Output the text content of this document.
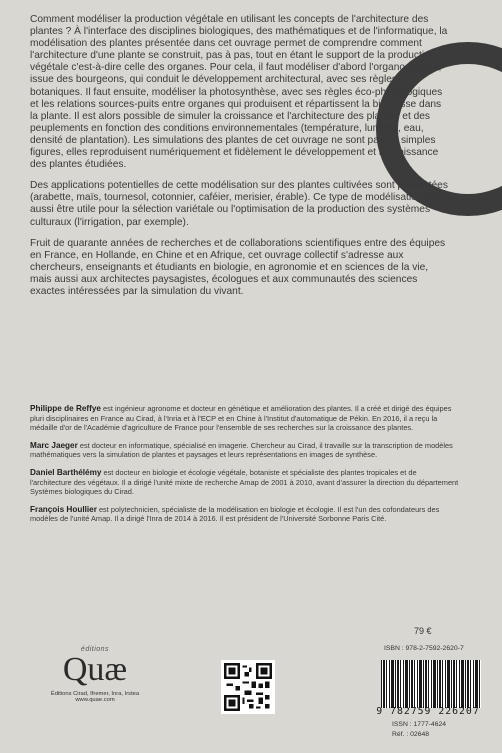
Comment modéliser la production végétale en utilisant les concepts de l'architecture des plantes ? À l'interface des disciplines biologiques, des mathématiques et de l'informatique, la modélisation des plantes présentée dans cet ouvrage permet de comprendre comment l'architecture d'une plante se construit, pas à pas, tout en étant le support de la production végétale c'est-à-dire celle des organes. Pour cela, il faut modéliser d'abord l'organogénèse, issue des bourgeons, qui conduit le développement architectural, avec ses règles botaniques. Il faut ensuite, modéliser la photosynthèse, avec ses règles éco-physiologiques et les relations sources-puits entre organes qui produisent et répartissent la biomasse dans la plante. Il est alors possible de simuler la croissance et l'architecture des plantes et des peuplements en fonction des conditions environnementales (température, lumière, eau, densité de plantation). Les simulations des plantes de cet ouvrage ne sont pas de simples figures, elles reproduisent numériquement et fidèlement le développement et la croissance des plantes étudiées.

Des applications potentielles de cette modélisation sur des plantes cultivées sont présentées (arabette, maïs, tournesol, cotonnier, caféier, merisier, érable). Ce type de modélisation peut aussi être utile pour la sélection variétale ou l'optimisation de la production des systèmes culturaux (l'irrigation, par exemple).

Fruit de quarante années de recherches et de collaborations scientifiques entre des équipes en France, en Hollande, en Chine et en Afrique, cet ouvrage collectif s'adresse aux chercheurs, enseignants et étudiants en biologie, en agronomie et en sciences de la vie, mais aussi aux architectes paysagistes, écologues et aux communautés des sciences exactes intéressées par la simulation du vivant.

Philippe de Reffye est ingénieur agronome et docteur en génétique et amélioration des plantes. Il a créé et dirigé des équipes pluri disciplinaires en France au Cirad, à l'Inria et à l'ECP et en Chine à l'Institut d'automatique de Pékin. En 2016, il a reçu la médaille d'or de l'Académie d'agriculture de France pour l'ensemble de ses recherches sur la croissance des plantes.

Marc Jaeger est docteur en informatique, spécialisé en imagerie. Chercheur au Cirad, il travaille sur la transcription de modèles mathématiques vers la simulation de plantes et paysages et leurs représentations en images de synthèse.

Daniel Barthélémy est docteur en biologie et écologie végétale, botaniste et spécialiste des plantes tropicales et de l'architecture des végétaux. Il a dirigé l'unité mixte de recherche Amap de 2001 à 2010, avant d'assurer la direction du département Systèmes biologiques du Cirad.

François Houllier est polytechnicien, spécialiste de la modélisation en biologie et écologie. Il est l'un des cofondateurs des modèles de l'unité Amap. Il a dirigé l'Inra de 2014 à 2016. Il est président de l'Université Sorbonne Paris Cité.

éditions
Quæ
Éditions Cirad, Ifremer, Inra, Irstea
www.quae.com
79 €
ISBN : 978-2-7592-2620-7
9 782759 226207
ISSN : 1777-4624
Réf. : 02648
